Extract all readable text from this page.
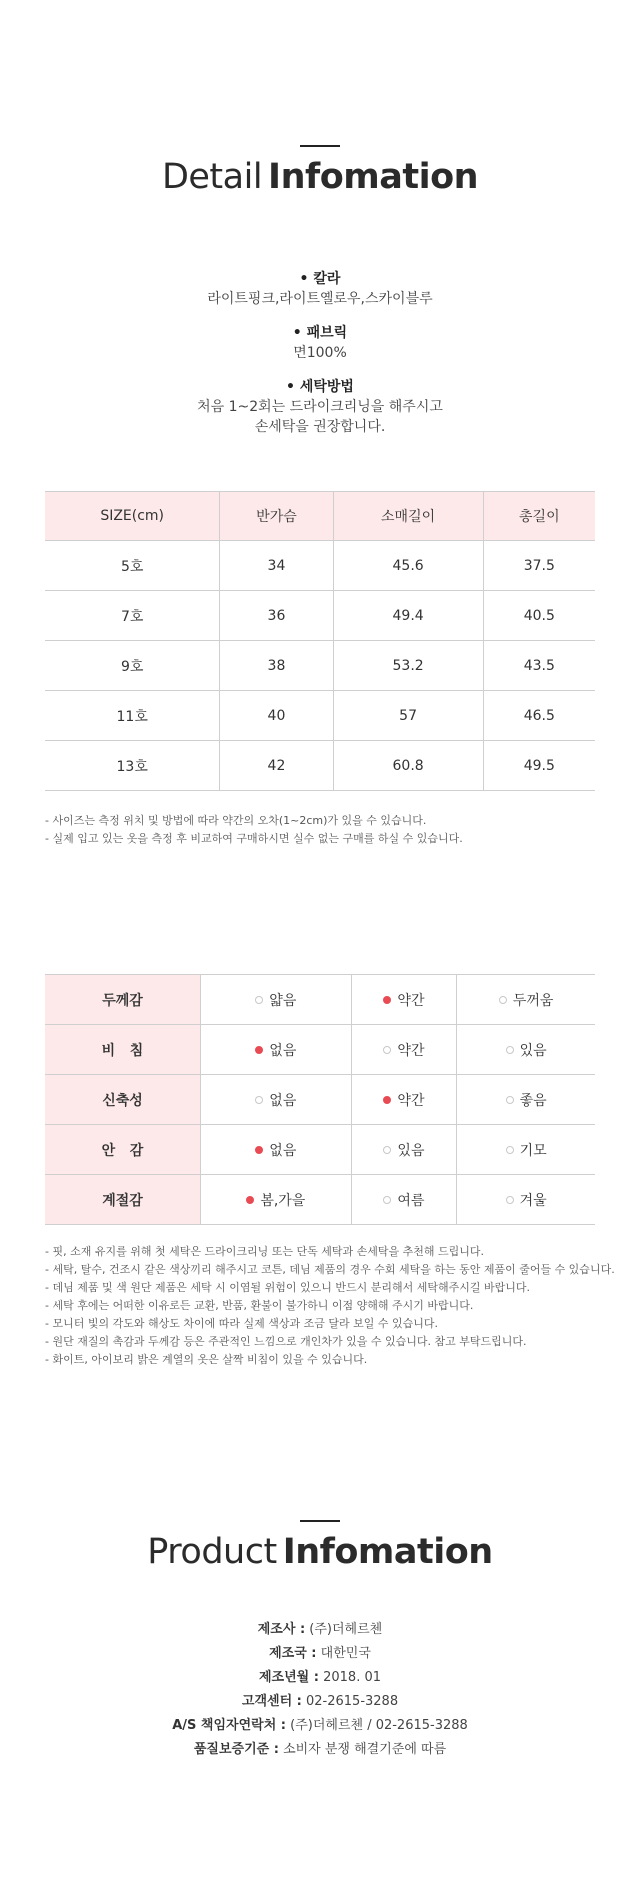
Detail Infomation
• 칼라
라이트핑크,라이트옐로우,스카이블루
• 패브릭
면100%
• 세탁방법
처음 1~2회는 드라이크리닝을 해주시고
손세탁을 권장합니다.
SIZE(cm)	반가슴	소매길이	총길이
5호	34	45.6	37.5
7호	36	49.4	40.5
9호	38	53.2	43.5
11호	40	57	46.5
13호	42	60.8	49.5
- 사이즈는 측정 위치 및 방법에 따라 약간의 오차(1~2cm)가 있을 수 있습니다.
- 실제 입고 있는 옷을 측정 후 비교하여 구매하시면 실수 없는 구매를 하실 수 있습니다.
두께감	얇음	약간	두꺼움
비   침	없음	약간	있음
신축성	없음	약간	좋음
안   감	없음	있음	기모
계절감	봄,가을	여름	겨울
- 핏, 소재 유지를 위해 첫 세탁은 드라이크리닝 또는 단독 세탁과 손세탁을 추천해 드립니다.
- 세탁, 탈수, 건조시 같은 색상끼리 해주시고 코튼, 데님 제품의 경우 수회 세탁을 하는 동안 제품이 줄어들 수 있습니다.
- 데님 제품 및 색 원단 제품은 세탁 시 이염될 위험이 있으니 반드시 분리해서 세탁해주시길 바랍니다.
- 세탁 후에는 어떠한 이유로든 교환, 반품, 환불이 불가하니 이점 양해해 주시기 바랍니다.
- 모니터 빛의 각도와 해상도 차이에 따라 실제 색상과 조금 달라 보일 수 있습니다.
- 원단 재질의 촉감과 두께감 등은 주관적인 느낌으로 개인차가 있을 수 있습니다. 참고 부탁드립니다.
- 화이트, 아이보리 밝은 계열의 옷은 살짝 비침이 있을 수 있습니다.
Product Infomation
제조사 : (주)더헤르첸
제조국 : 대한민국
제조년월 : 2018. 01
고객센터 : 02-2615-3288
A/S 책임자연락처 : (주)더헤르첸 / 02-2615-3288
품질보증기준 : 소비자 분쟁 해결기준에 따름
